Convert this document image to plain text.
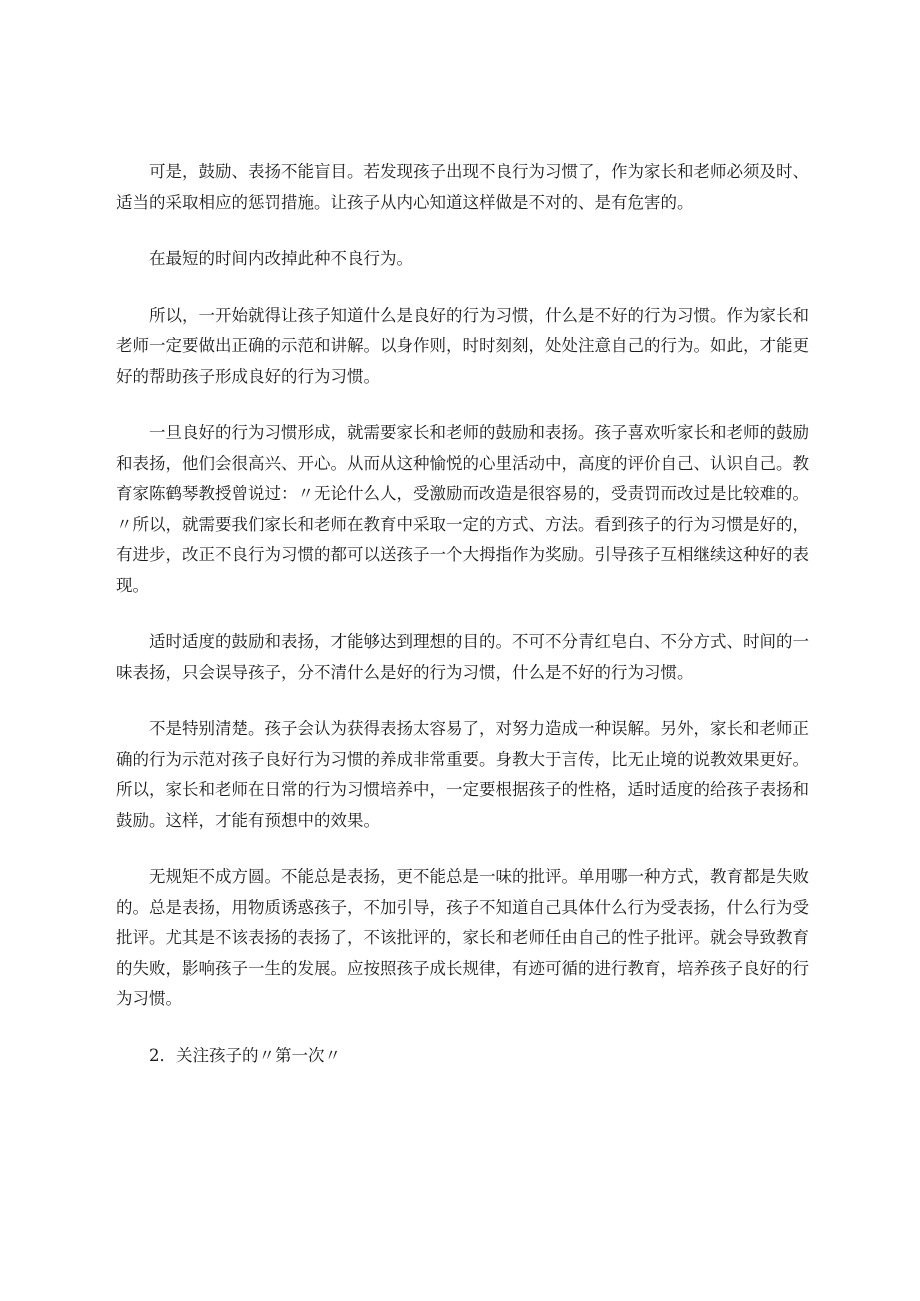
可是，鼓励、表扬不能盲目。若发现孩子出现不良行为习惯了，作为家长和老师必须及时、适当的采取相应的惩罚措施。让孩子从内心知道这样做是不对的、是有危害的。

在最短的时间内改掉此种不良行为。

所以，一开始就得让孩子知道什么是良好的行为习惯，什么是不好的行为习惯。作为家长和老师一定要做出正确的示范和讲解。以身作则，时时刻刻，处处注意自己的行为。如此，才能更好的帮助孩子形成良好的行为习惯。

一旦良好的行为习惯形成，就需要家长和老师的鼓励和表扬。孩子喜欢听家长和老师的鼓励和表扬，他们会很高兴、开心。从而从这种愉悦的心里活动中，高度的评价自己、认识自己。教育家陈鹤琴教授曾说过：〃无论什么人，受激励而改造是很容易的，受责罚而改过是比较难的。〃所以，就需要我们家长和老师在教育中采取一定的方式、方法。看到孩子的行为习惯是好的，有进步，改正不良行为习惯的都可以送孩子一个大拇指作为奖励。引导孩子互相继续这种好的表现。

适时适度的鼓励和表扬，才能够达到理想的目的。不可不分青红皂白、不分方式、时间的一味表扬，只会误导孩子，分不清什么是好的行为习惯，什么是不好的行为习惯。

不是特别清楚。孩子会认为获得表扬太容易了，对努力造成一种误解。另外，家长和老师正确的行为示范对孩子良好行为习惯的养成非常重要。身教大于言传，比无止境的说教效果更好。所以，家长和老师在日常的行为习惯培养中，一定要根据孩子的性格，适时适度的给孩子表扬和鼓励。这样，才能有预想中的效果。

无规矩不成方圆。不能总是表扬，更不能总是一味的批评。单用哪一种方式，教育都是失败的。总是表扬，用物质诱惑孩子，不加引导，孩子不知道自己具体什么行为受表扬，什么行为受批评。尤其是不该表扬的表扬了，不该批评的，家长和老师任由自己的性子批评。就会导致教育的失败，影响孩子一生的发展。应按照孩子成长规律，有迹可循的进行教育，培养孩子良好的行为习惯。

2．关注孩子的〃第一次〃
